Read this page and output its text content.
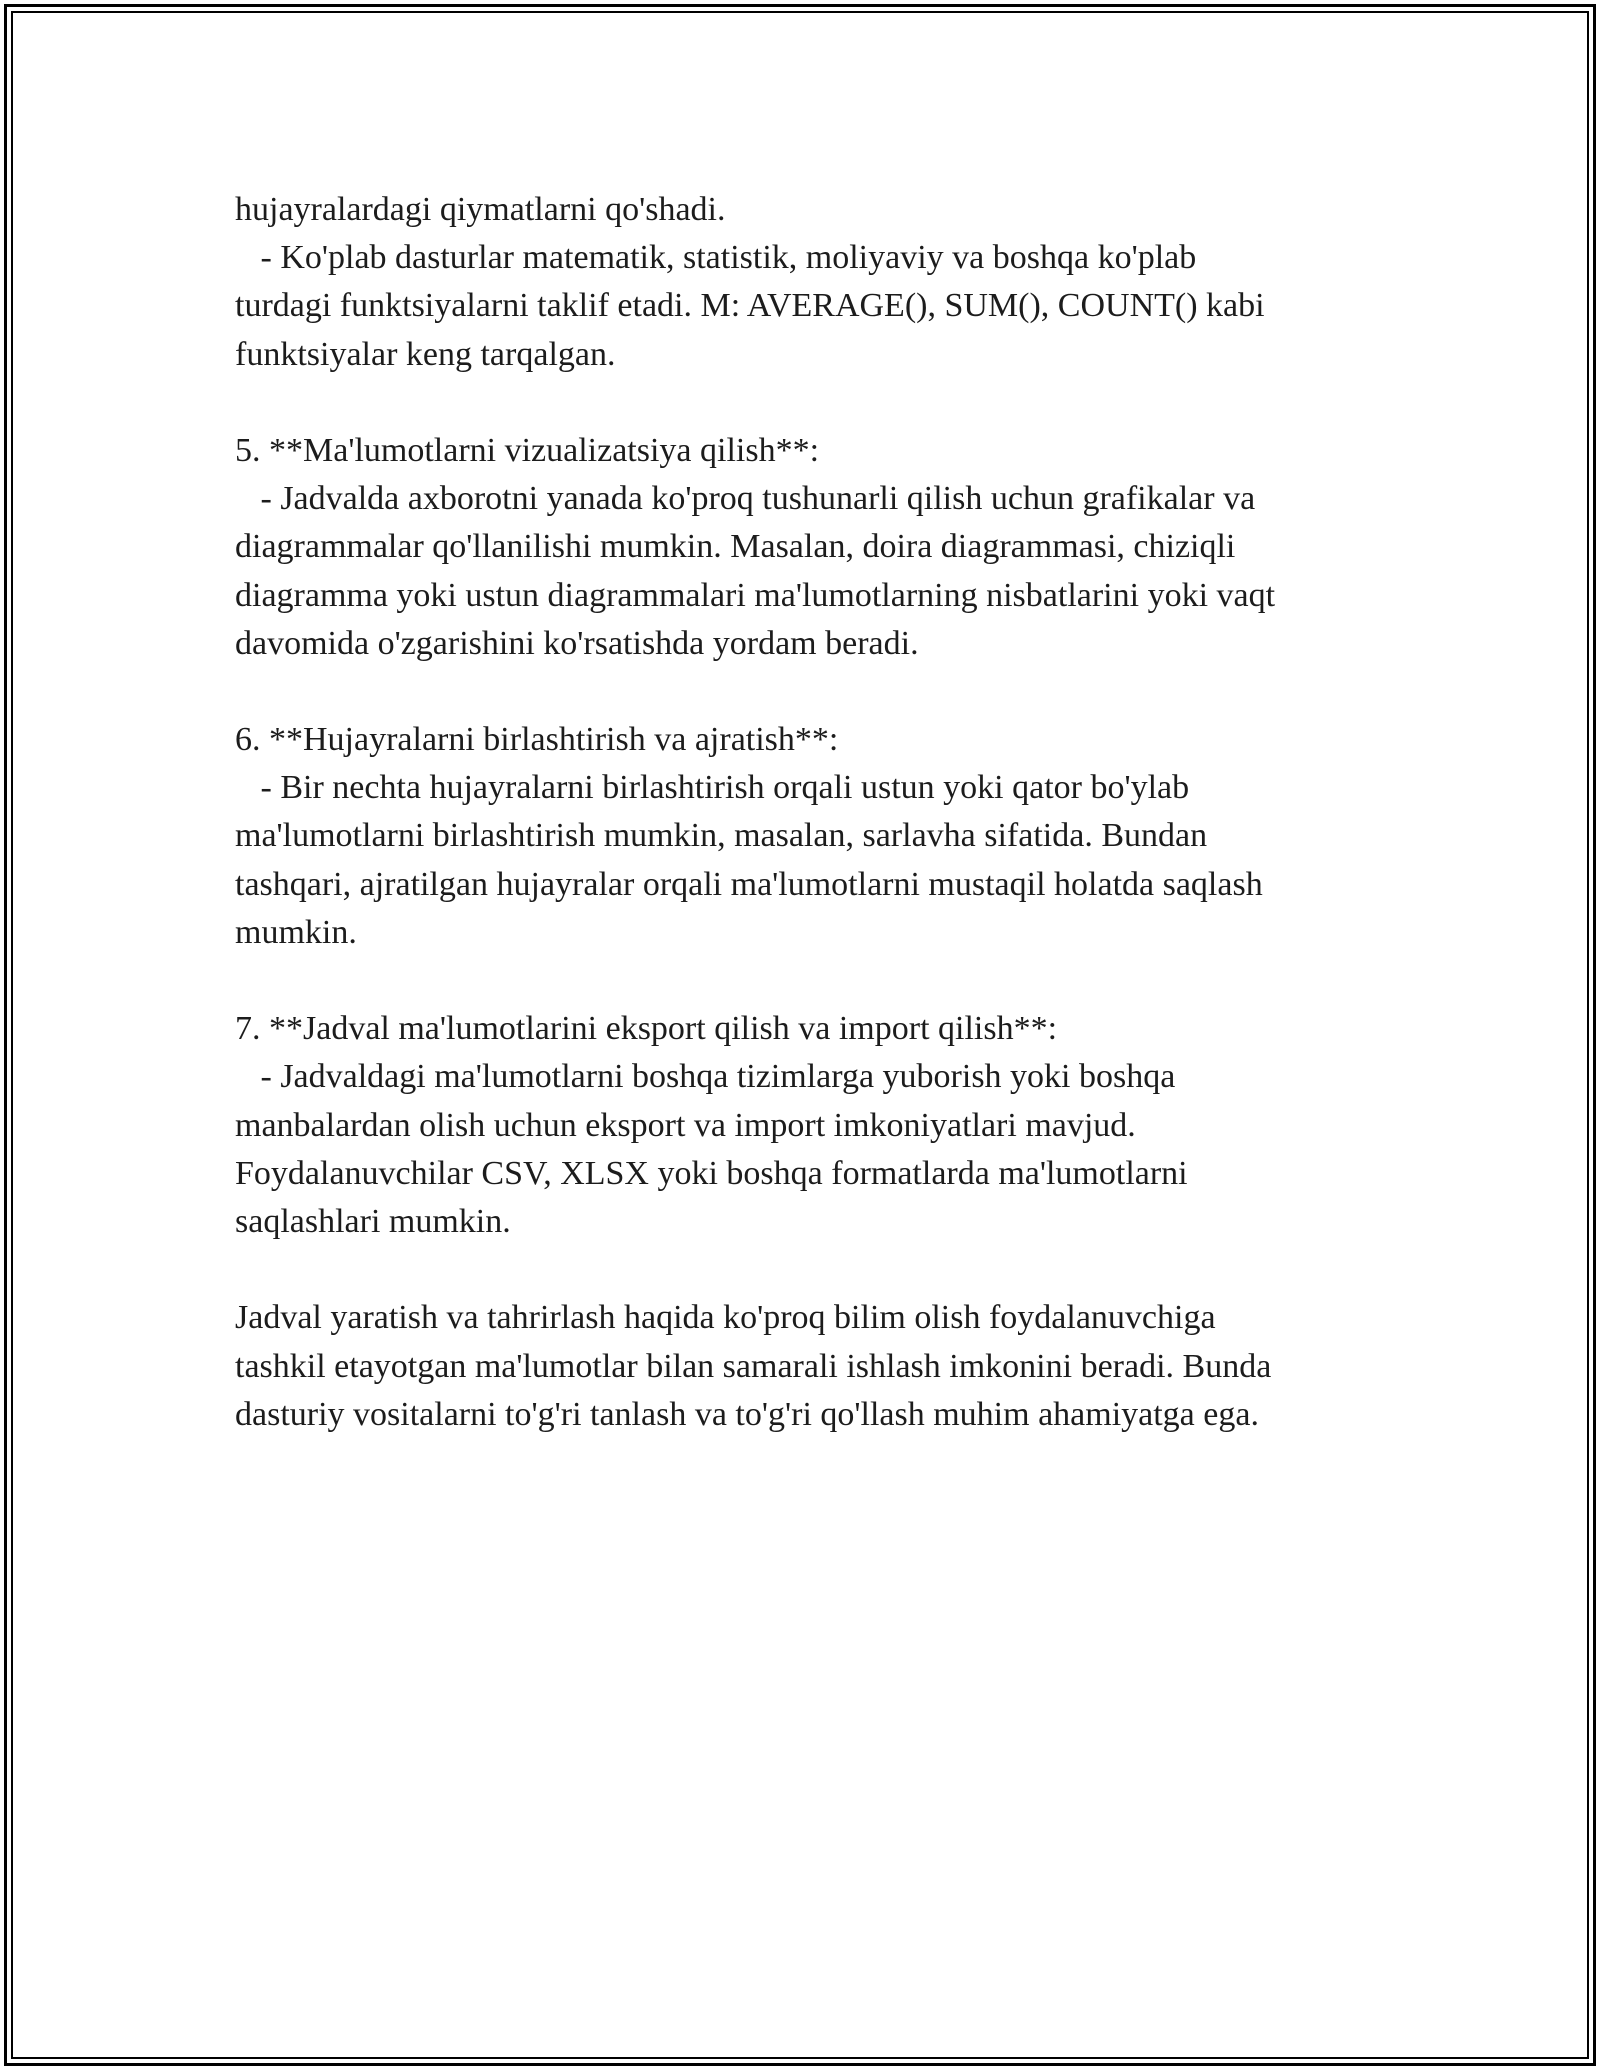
hujayralardagi qiymatlarni qo'shadi.
- Ko'plab dasturlar matematik, statistik, moliyaviy va boshqa ko'plab
turdagi funktsiyalarni taklif etadi. M: AVERAGE(), SUM(), COUNT() kabi
funktsiyalar keng tarqalgan.
5. **Ma'lumotlarni vizualizatsiya qilish**:
- Jadvalda axborotni yanada ko'proq tushunarli qilish uchun grafikalar va
diagrammalar qo'llanilishi mumkin. Masalan, doira diagrammasi, chiziqli
diagramma yoki ustun diagrammalari ma'lumotlarning nisbatlarini yoki vaqt
davomida o'zgarishini ko'rsatishda yordam beradi.
6. **Hujayralarni birlashtirish va ajratish**:
- Bir nechta hujayralarni birlashtirish orqali ustun yoki qator bo'ylab
ma'lumotlarni birlashtirish mumkin, masalan, sarlavha sifatida. Bundan
tashqari, ajratilgan hujayralar orqali ma'lumotlarni mustaqil holatda saqlash
mumkin.
7. **Jadval ma'lumotlarini eksport qilish va import qilish**:
- Jadvaldagi ma'lumotlarni boshqa tizimlarga yuborish yoki boshqa
manbalardan olish uchun eksport va import imkoniyatlari mavjud.
Foydalanuvchilar CSV, XLSX yoki boshqa formatlarda ma'lumotlarni
saqlashlari mumkin.
Jadval yaratish va tahrirlash haqida ko'proq bilim olish foydalanuvchiga
tashkil etayotgan ma'lumotlar bilan samarali ishlash imkonini beradi. Bunda
dasturiy vositalarni to'g'ri tanlash va to'g'ri qo'llash muhim ahamiyatga ega.
